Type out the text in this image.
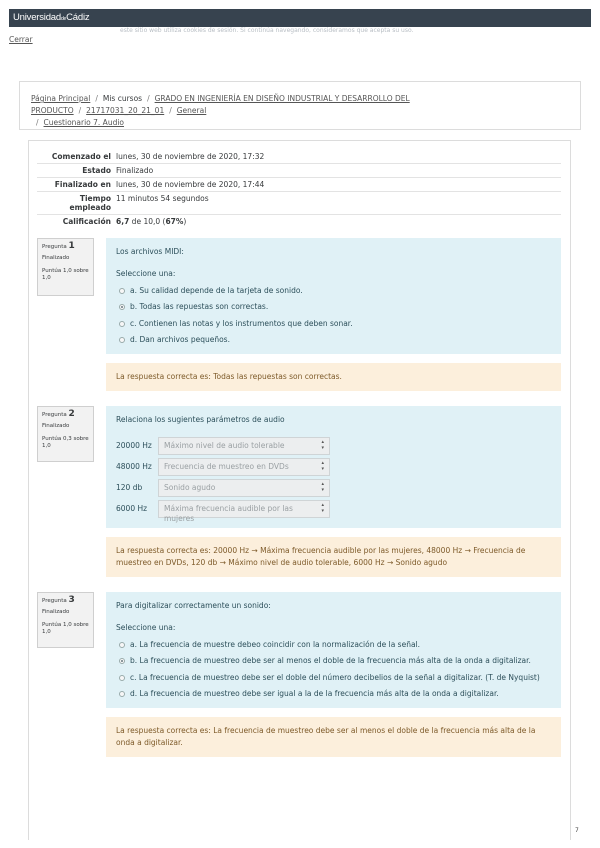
UniversidaddeCádiz
este sitio web utiliza cookies de sesión. Si continúa navegando, consideramos que acepta su uso.
Cerrar
Página Principal / Mis cursos / GRADO EN INGENIERÍA EN DISEÑO INDUSTRIAL Y DESARROLLO DEL PRODUCTO / 21717031_20_21_01 / General
/ Cuestionario 7. Audio
Comenzado el	lunes, 30 de noviembre de 2020, 17:32
Estado	Finalizado
Finalizado en	lunes, 30 de noviembre de 2020, 17:44
Tiempo empleado	11 minutos 54 segundos
Calificación	6,7 de 10,0 (67%)
Pregunta 1
Finalizado
Puntúa 1,0 sobre 1,0
Los archivos MIDI:
Seleccione una:
a. Su calidad depende de la tarjeta de sonido.
b. Todas las repuestas son correctas.
c. Contienen las notas y los instrumentos que deben sonar.
d. Dan archivos pequeños.
La respuesta correcta es: Todas las repuestas son correctas.
Pregunta 2
Finalizado
Puntúa 0,3 sobre 1,0
Relaciona los sugientes parámetros de audio
20000 Hz	Máximo nivel de audio tolerable ▴ ▾
48000 Hz	Frecuencia de muestreo en DVDs ▴ ▾
120 db	Sonido agudo ▴ ▾
6000 Hz	Máxima frecuencia audible por las mujeres ▴ ▾
La respuesta correcta es: 20000 Hz → Máxima frecuencia audible por las mujeres, 48000 Hz → Frecuencia de muestreo en DVDs, 120 db → Máximo nivel de audio tolerable, 6000 Hz → Sonido agudo
Pregunta 3
Finalizado
Puntúa 1,0 sobre 1,0
Para digitalizar correctamente un sonido:
Seleccione una:
a. La frecuencia de muestre debeo coincidir con la normalización de la señal.
b. La frecuencia de muestreo debe ser al menos el doble de la frecuencia más alta de la onda a digitalizar.
c. La frecuencia de muestreo debe ser el doble del número decibelios de la señal a digitalizar. (T. de Nyquist)
d. La frecuencia de muestreo debe ser igual a la de la frecuencia más alta de la onda a digitalizar.
La respuesta correcta es: La frecuencia de muestreo debe ser al menos el doble de la frecuencia más alta de la onda a digitalizar.
7
